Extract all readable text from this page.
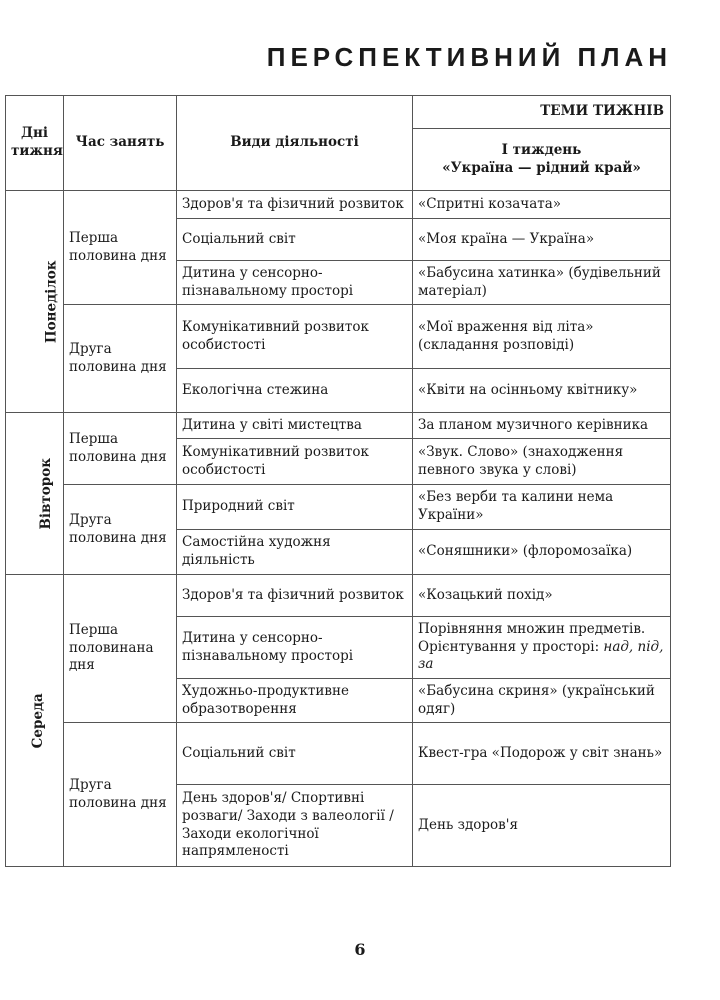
ПЕРСПЕКТИВНИЙ ПЛАН
Дні тижня	Час занять	Види діяльності	ТЕМИ ТИЖНІВ

			І тиждень
«Україна — рідний край»

Понеділок	Перша половина дня	Здоров'я та фізичний розвиток	«Спритні козачата»
		Соціальний світ	«Моя країна — Україна»
		Дитина у сенсорно-пізнавальному просторі	«Бабусина хатинка» (будівельний матеріал)
	Друга половина дня	Комунікативний розвиток особистості	«Мої враження від літа» (складання розповіді)
		Екологічна стежина	«Квіти на осінньому квітнику»
Вівторок	Перша половина дня	Дитина у світі мистецтва	За планом музичного керівника
		Комунікативний розвиток особистості	«Звук. Слово» (знаходження певного звука у слові)
	Друга половина дня	Природний світ	«Без верби та калини нема України»
		Самостійна художня діяльність	«Соняшники» (флоромозаїка)
Середа	Перша половинана дня	Здоров'я та фізичний розвиток	«Козацький похід»
		Дитина у сенсорно-пізнавальному просторі	Порівняння множин предметів. Орієнтування у просторі: над, під, за
		Художньо-продуктивне образотворення	«Бабусина скриня» (український одяг)
	Друга половина дня	Соціальний світ	Квест-гра «Подорож у світ знань»
		День здоров'я/ Спортивні розваги/ Заходи з валеології /Заходи екологічної напрямленості	День здоров'я
6
